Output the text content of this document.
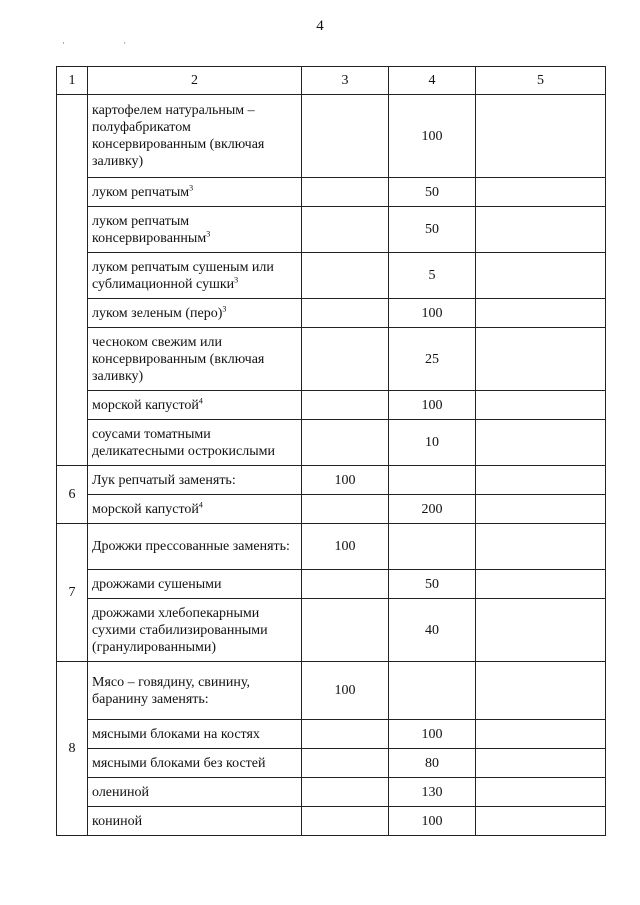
4
· ·
1	2	3	4	5
	картофелем натуральным – полуфабрикатом консервированным (включая заливку)		100	
	луком репчатым$^3$		50	
	луком репчатым консервированным$^3$		50	
	луком репчатым сушеным или сублимационной сушки$^3$		5	
	луком зеленым (перо)$^3$		100	
	чесноком свежим или консервированным (включая заливку)		25	
	морской капустой$^4$		100	
	соусами томатными деликатесными острокислыми		10	
6	Лук репчатый заменять:	100		
	морской капустой$^4$		200	
7	Дрожжи прессованные заменять:	100		
	дрожжами сушеными		50	
	дрожжами хлебопекарными сухими стабилизированными (гранулированными)		40	
8	Мясо – говядину, свинину, баранину заменять:	100		
	мясными блоками на костях		100	
	мясными блоками без костей		80	
	олениной		130	
	кониной		100	
